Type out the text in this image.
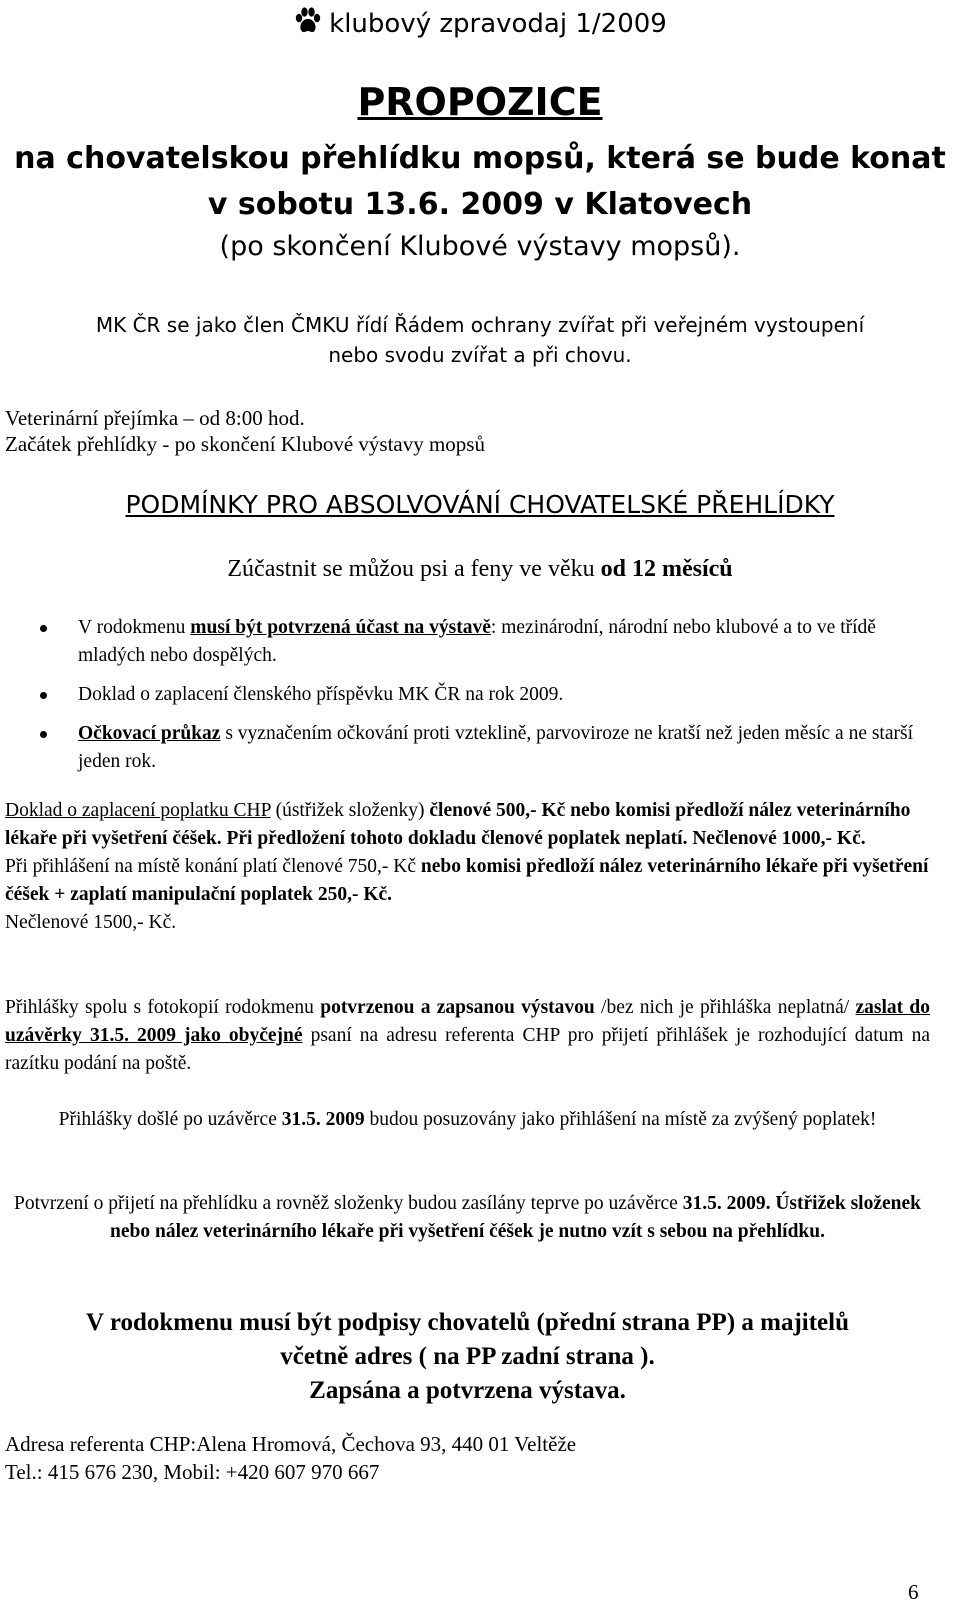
klubový zpravodaj 1/2009
PROPOZICE
na chovatelskou přehlídku mopsů, která se bude konat
v sobotu 13.6. 2009 v Klatovech
(po skončení Klubové výstavy mopsů).
MK ČR se jako člen ČMKU řídí Řádem ochrany zvířat při veřejném vystoupení
nebo svodu zvířat a při chovu.
Veterinární přejímka – od 8:00 hod.
Začátek přehlídky - po skončení Klubové výstavy mopsů
PODMÍNKY PRO ABSOLVOVÁNÍ CHOVATELSKÉ PŘEHLÍDKY
Zúčastnit se můžou psi a feny ve věku od 12 měsíců
V rodokmenu musí být potvrzená účast na výstavě: mezinárodní, národní nebo klubové a to ve třídě mladých nebo dospělých.
Doklad o zaplacení členského příspěvku MK ČR na rok 2009.
Očkovací průkaz s vyznačením očkování proti vzteklině, parvoviroze ne kratší než jeden měsíc a ne starší jeden rok.
Doklad o zaplacení poplatku CHP (ústřižek složenky) členové 500,- Kč nebo komisi předloží nález veterinárního lékaře při vyšetření čéšek. Při předložení tohoto dokladu členové poplatek neplatí. Nečlenové 1000,- Kč.
Při přihlášení na místě konání platí členové 750,- Kč nebo komisi předloží nález veterinárního lékaře při vyšetření čéšek + zaplatí manipulační poplatek 250,- Kč.
Nečlenové 1500,- Kč.
Přihlášky spolu s fotokopií rodokmenu potvrzenou a zapsanou výstavou /bez nich je přihláška neplatná/ zaslat do uzávěrky 31.5. 2009 jako obyčejné psaní na adresu referenta CHP pro přijetí přihlášek je rozhodující datum na razítku podání na poště.
Přihlášky došlé po uzávěrce 31.5. 2009 budou posuzovány jako přihlášení na místě za zvýšený poplatek!
Potvrzení o přijetí na přehlídku a rovněž složenky budou zasílány teprve po uzávěrce 31.5. 2009. Ústřižek složenek nebo nález veterinárního lékaře při vyšetření čéšek je nutno vzít s sebou na přehlídku.
V rodokmenu musí být podpisy chovatelů (přední strana PP) a majitelů
včetně adres ( na PP zadní strana ).
Zapsána a potvrzena výstava.
Adresa referenta CHP:Alena Hromová, Čechova 93, 440 01 Veltěže
Tel.: 415 676 230, Mobil: +420 607 970 667
6
